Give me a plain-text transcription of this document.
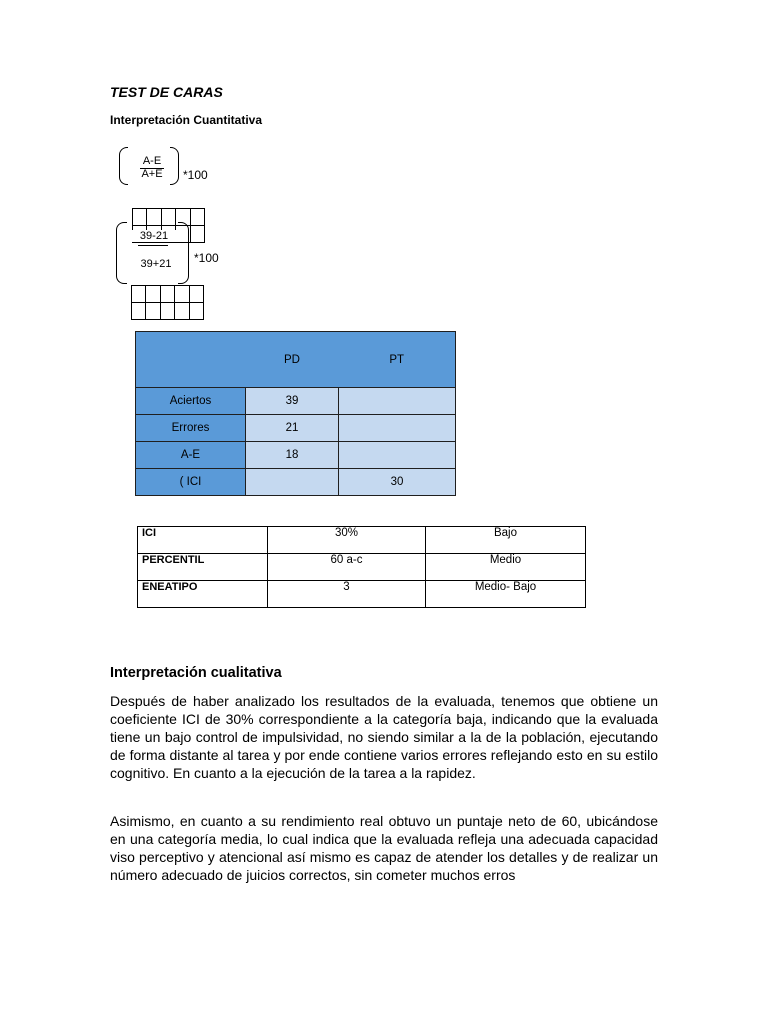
TEST DE CARAS
Interpretación Cuantitativa
A-E
A+E	*100
39-21
39+21	*100
	PD	PT
Aciertos	39	
Errores	21	
A-E	18	
( ICI		30
ICI	30%	Bajo
PERCENTIL	60 a-c	Medio
ENEATIPO	3	Medio- Bajo
Interpretación cualitativa
Después de haber analizado los resultados de la evaluada, tenemos que obtiene un coeficiente ICI de 30% correspondiente a la categoría baja, indicando que la evaluada tiene un bajo control de impulsividad, no siendo similar a la de la población, ejecutando de forma distante al tarea y por ende contiene varios errores reflejando esto en su estilo cognitivo. En cuanto a la ejecución de la tarea a la rapidez.
Asimismo, en cuanto a su rendimiento real obtuvo un puntaje neto de 60, ubicándose en una categoría media, lo cual indica que la evaluada refleja una adecuada capacidad viso perceptivo y atencional así mismo es capaz de atender los detalles y de realizar un número adecuado de juicios correctos, sin cometer muchos erros
